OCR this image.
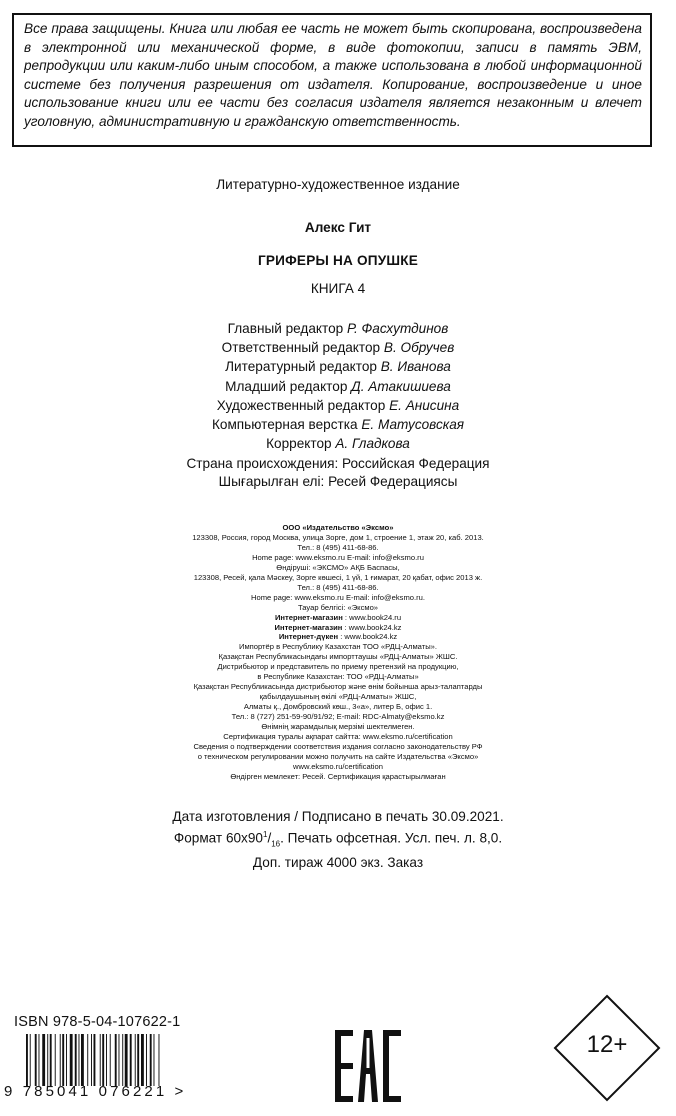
Все права защищены. Книга или любая ее часть не может быть скопирована, воспроизведена в электронной или механической форме, в виде фотокопии, записи в память ЭВМ, репродукции или каким-либо иным способом, а также использована в любой информационной системе без получения разрешения от издателя. Копирование, воспроизведение и иное использование книги или ее части без согласия издателя является незаконным и влечет уголовную, административную и гражданскую ответственность.
Литературно-художественное издание
Алекс Гит
ГРИФЕРЫ НА ОПУШКЕ
КНИГА 4
Главный редактор Р. Фасхутдинов
Ответственный редактор В. Обручев
Литературный редактор В. Иванова
Младший редактор Д. Атакишиева
Художественный редактор Е. Анисина
Компьютерная верстка Е. Матусовская
Корректор А. Гладкова
Страна происхождения: Российская Федерация
Шығарылған елі: Ресей Федерациясы
ООО «Издательство «Эксмо»
123308, Россия, город Москва, улица Зорге, дом 1, строение 1, этаж 20, каб. 2013.
Тел.: 8 (495) 411-68-86.
Home page: www.eksmo.ru E-mail: info@eksmo.ru
Өндіруші: «ЭКСМО» АҚБ Баспасы,
123308, Ресей, қала Мәскеу, Зорге көшесі, 1 үй, 1 ғимарат, 20 қабат, офис 2013 ж.
Тел.: 8 (495) 411-68-86.
Home page: www.eksmo.ru E-mail: info@eksmo.ru.
Тауар белгісі: «Эксмо»
Интернет-магазин : www.book24.ru
Интернет-магазин : www.book24.kz
Интернет-дүкен : www.book24.kz
Импортёр в Республику Казахстан ТОО «РДЦ-Алматы».
Қазақстан Республикасындағы импорттаушы «РДЦ-Алматы» ЖШС.
Дистрибьютор и представитель по приему претензий на продукцию,
в Республике Казахстан: ТОО «РДЦ-Алматы»
Қазақстан Республикасында дистрибьютор және өнім бойынша арыз-талаптарды
қабылдаушының өкілі «РДЦ-Алматы» ЖШС,
Алматы қ., Домбровский көш., 3«а», литер Б, офис 1.
Тел.: 8 (727) 251-59-90/91/92; E-mail: RDC-Almaty@eksmo.kz
Өнімнің жарамдылық мерзімі шектелмеген.
Сертификация туралы ақпарат сайтта: www.eksmo.ru/certification
Сведения о подтверждении соответствия издания согласно законодательству РФ
о техническом регулировании можно получить на сайте Издательства «Эксмо»
www.eksmo.ru/certification
Өндірген мемлекет: Ресей. Сертификация қарастырылмаған
Дата изготовления / Подписано в печать 30.09.2021.
Формат $60х90^1/_{16}$. Печать офсетная. Усл. печ. л. 8,0.
Доп. тираж 4000 экз. Заказ
ISBN 978-5-04-107622-1
9 785041 076221 >
12+
